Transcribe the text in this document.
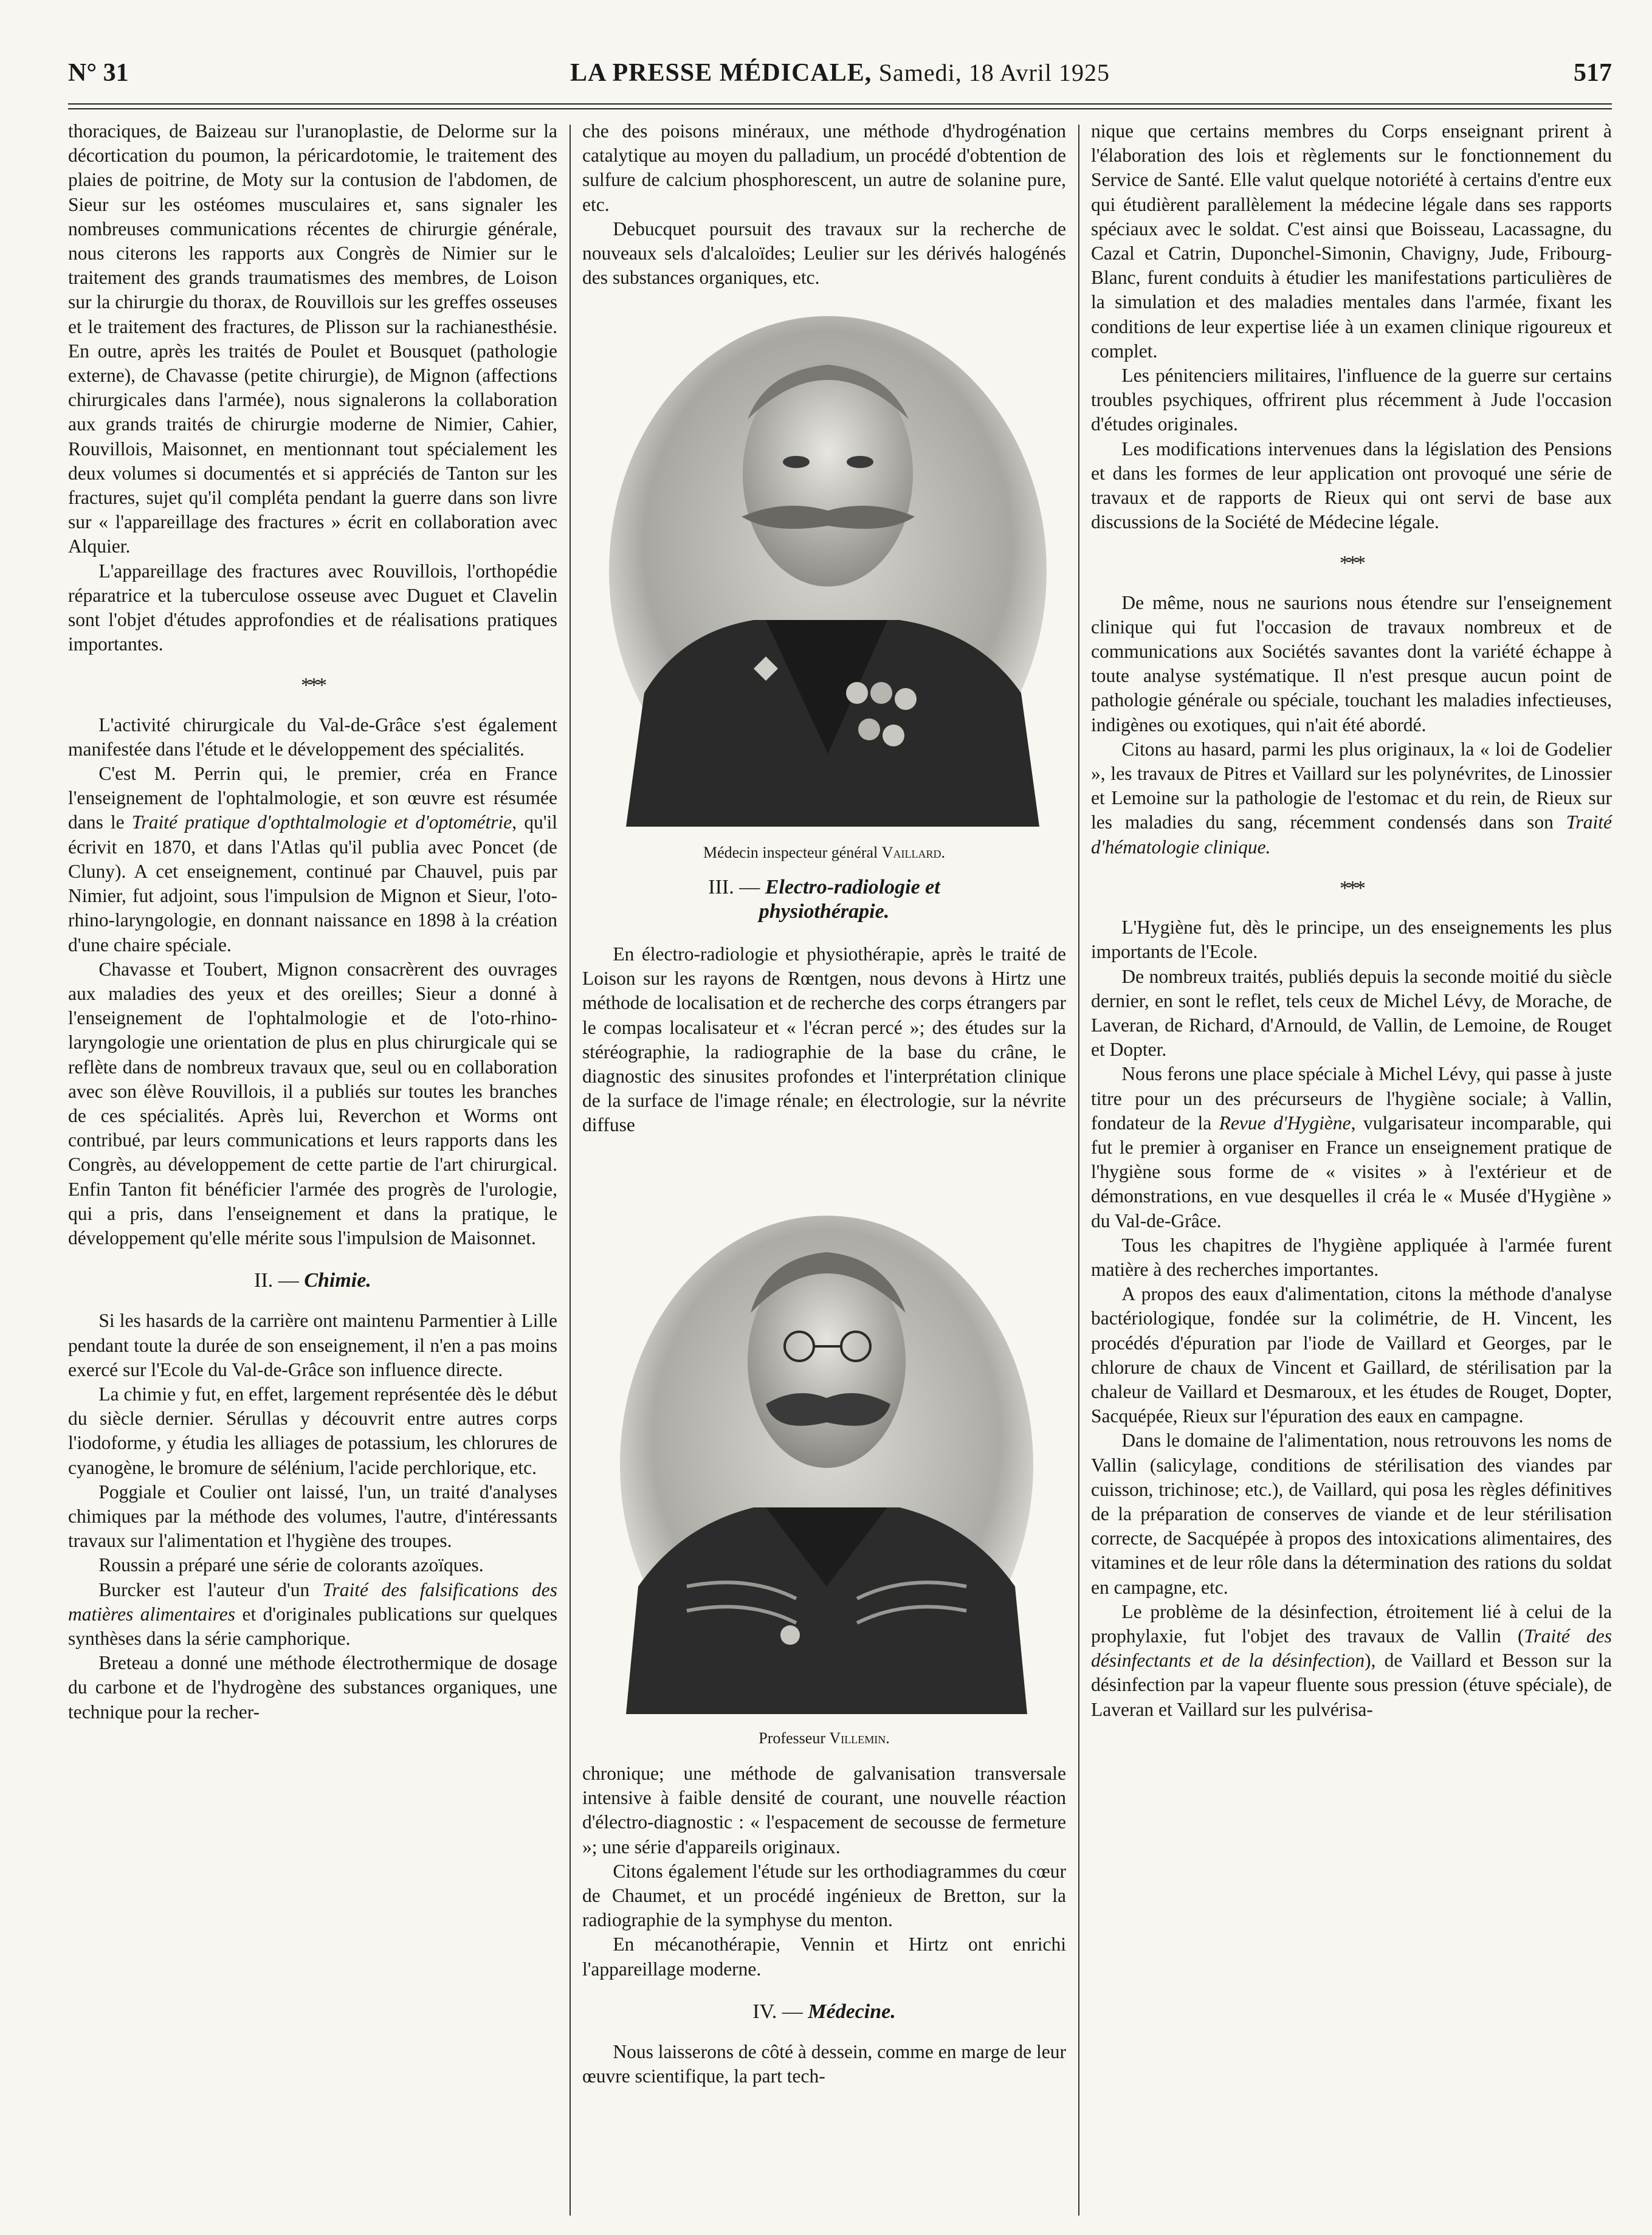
N° 31	LA PRESSE MÉDICALE, Samedi, 18 Avril 1925	517

thoraciques, de Baizeau sur l'uranoplastie, de Delorme sur la décortication du poumon, la péricardotomie, le traitement des plaies de poitrine, de Moty sur la contusion de l'abdomen, de Sieur sur les ostéomes musculaires et, sans signaler les nombreuses communications récentes de chirurgie générale, nous citerons les rapports aux Congrès de Nimier sur le traitement des grands traumatismes des membres, de Loison sur la chirurgie du thorax, de Rouvillois sur les greffes osseuses et le traitement des fractures, de Plisson sur la rachianesthésie. En outre, après les traités de Poulet et Bousquet (pathologie externe), de Chavasse (petite chirurgie), de Mignon (affections chirurgicales dans l'armée), nous signalerons la collaboration aux grands traités de chirurgie moderne de Nimier, Cahier, Rouvillois, Maisonnet, en mentionnant tout spécialement les deux volumes si documentés et si appréciés de Tanton sur les fractures, sujet qu'il compléta pendant la guerre dans son livre sur « l'appareillage des fractures » écrit en collaboration avec Alquier.

L'appareillage des fractures avec Rouvillois, l'orthopédie réparatrice et la tuberculose osseuse avec Duguet et Clavelin sont l'objet d'études approfondies et de réalisations pratiques importantes.

***

L'activité chirurgicale du Val-de-Grâce s'est également manifestée dans l'étude et le développement des spécialités.

C'est M. Perrin qui, le premier, créa en France l'enseignement de l'ophtalmologie, et son œuvre est résumée dans le Traité pratique d'opthtalmologie et d'optométrie, qu'il écrivit en 1870, et dans l'Atlas qu'il publia avec Poncet (de Cluny). A cet enseignement, continué par Chauvel, puis par Nimier, fut adjoint, sous l'impulsion de Mignon et Sieur, l'oto-rhino-laryngologie, en donnant naissance en 1898 à la création d'une chaire spéciale.

Chavasse et Toubert, Mignon consacrèrent des ouvrages aux maladies des yeux et des oreilles; Sieur a donné à l'enseignement de l'ophtalmologie et de l'oto-rhino-laryngologie une orientation de plus en plus chirurgicale qui se reflète dans de nombreux travaux que, seul ou en collaboration avec son élève Rouvillois, il a publiés sur toutes les branches de ces spécialités. Après lui, Reverchon et Worms ont contribué, par leurs communications et leurs rapports dans les Congrès, au développement de cette partie de l'art chirurgical. Enfin Tanton fit bénéficier l'armée des progrès de l'urologie, qui a pris, dans l'enseignement et dans la pratique, le développement qu'elle mérite sous l'impulsion de Maisonnet.

II. — Chimie.

Si les hasards de la carrière ont maintenu Parmentier à Lille pendant toute la durée de son enseignement, il n'en a pas moins exercé sur l'Ecole du Val-de-Grâce son influence directe.

La chimie y fut, en effet, largement représentée dès le début du siècle dernier. Sérullas y découvrit entre autres corps l'iodoforme, y étudia les alliages de potassium, les chlorures de cyanogène, le bromure de sélénium, l'acide perchlorique, etc.

Poggiale et Coulier ont laissé, l'un, un traité d'analyses chimiques par la méthode des volumes, l'autre, d'intéressants travaux sur l'alimentation et l'hygiène des troupes.

Roussin a préparé une série de colorants azoïques.

Burcker est l'auteur d'un Traité des falsifications des matières alimentaires et d'originales publications sur quelques synthèses dans la série camphorique.

Breteau a donné une méthode électrothermique de dosage du carbone et de l'hydrogène des substances organiques, une technique pour la recher-

che des poisons minéraux, une méthode d'hydrogénation catalytique au moyen du palladium, un procédé d'obtention de sulfure de calcium phosphorescent, un autre de solanine pure, etc.

Debucquet poursuit des travaux sur la recherche de nouveaux sels d'alcaloïdes; Leulier sur les dérivés halogénés des substances organiques, etc.

Médecin inspecteur général Vaillard.
III. — Electro-radiologie et
physiothérapie.

En électro-radiologie et physiothérapie, après le traité de Loison sur les rayons de Rœntgen, nous devons à Hirtz une méthode de localisation et de recherche des corps étrangers par le compas localisateur et « l'écran percé »; des études sur la stéréographie, la radiographie de la base du crâne, le diagnostic des sinusites profondes et l'interprétation clinique de la surface de l'image rénale; en électrologie, sur la névrite diffuse

Professeur Villemin.

chronique; une méthode de galvanisation transversale intensive à faible densité de courant, une nouvelle réaction d'électro-diagnostic : « l'espacement de secousse de fermeture »; une série d'appareils originaux.

Citons également l'étude sur les orthodiagrammes du cœur de Chaumet, et un procédé ingénieux de Bretton, sur la radiographie de la symphyse du menton.

En mécanothérapie, Vennin et Hirtz ont enrichi l'appareillage moderne.

IV. — Médecine.

Nous laisserons de côté à dessein, comme en marge de leur œuvre scientifique, la part tech-

nique que certains membres du Corps enseignant prirent à l'élaboration des lois et règlements sur le fonctionnement du Service de Santé. Elle valut quelque notoriété à certains d'entre eux qui étudièrent parallèlement la médecine légale dans ses rapports spéciaux avec le soldat. C'est ainsi que Boisseau, Lacassagne, du Cazal et Catrin, Duponchel-Simonin, Chavigny, Jude, Fribourg-Blanc, furent conduits à étudier les manifestations particulières de la simulation et des maladies mentales dans l'armée, fixant les conditions de leur expertise liée à un examen clinique rigoureux et complet.

Les pénitenciers militaires, l'influence de la guerre sur certains troubles psychiques, offrirent plus récemment à Jude l'occasion d'études originales.

Les modifications intervenues dans la législation des Pensions et dans les formes de leur application ont provoqué une série de travaux et de rapports de Rieux qui ont servi de base aux discussions de la Société de Médecine légale.

***

De même, nous ne saurions nous étendre sur l'enseignement clinique qui fut l'occasion de travaux nombreux et de communications aux Sociétés savantes dont la variété échappe à toute analyse systématique. Il n'est presque aucun point de pathologie générale ou spéciale, touchant les maladies infectieuses, indigènes ou exotiques, qui n'ait été abordé.

Citons au hasard, parmi les plus originaux, la « loi de Godelier », les travaux de Pitres et Vaillard sur les polynévrites, de Linossier et Lemoine sur la pathologie de l'estomac et du rein, de Rieux sur les maladies du sang, récemment condensés dans son Traité d'hématologie clinique.

***

L'Hygiène fut, dès le principe, un des enseignements les plus importants de l'Ecole.

De nombreux traités, publiés depuis la seconde moitié du siècle dernier, en sont le reflet, tels ceux de Michel Lévy, de Morache, de Laveran, de Richard, d'Arnould, de Vallin, de Lemoine, de Rouget et Dopter.

Nous ferons une place spéciale à Michel Lévy, qui passe à juste titre pour un des précurseurs de l'hygiène sociale; à Vallin, fondateur de la Revue d'Hygiène, vulgarisateur incomparable, qui fut le premier à organiser en France un enseignement pratique de l'hygiène sous forme de « visites » à l'extérieur et de démonstrations, en vue desquelles il créa le « Musée d'Hygiène » du Val-de-Grâce.

Tous les chapitres de l'hygiène appliquée à l'armée furent matière à des recherches importantes.

A propos des eaux d'alimentation, citons la méthode d'analyse bactériologique, fondée sur la colimétrie, de H. Vincent, les procédés d'épuration par l'iode de Vaillard et Georges, par le chlorure de chaux de Vincent et Gaillard, de stérilisation par la chaleur de Vaillard et Desmaroux, et les études de Rouget, Dopter, Sacquépée, Rieux sur l'épuration des eaux en campagne.

Dans le domaine de l'alimentation, nous retrouvons les noms de Vallin (salicylage, conditions de stérilisation des viandes par cuisson, trichinose; etc.), de Vaillard, qui posa les règles définitives de la préparation de conserves de viande et de leur stérilisation correcte, de Sacquépée à propos des intoxications alimentaires, des vitamines et de leur rôle dans la détermination des rations du soldat en campagne, etc.

Le problème de la désinfection, étroitement lié à celui de la prophylaxie, fut l'objet des travaux de Vallin (Traité des désinfectants et de la désinfection), de Vaillard et Besson sur la désinfection par la vapeur fluente sous pression (étuve spéciale), de Laveran et Vaillard sur les pulvérisa-
